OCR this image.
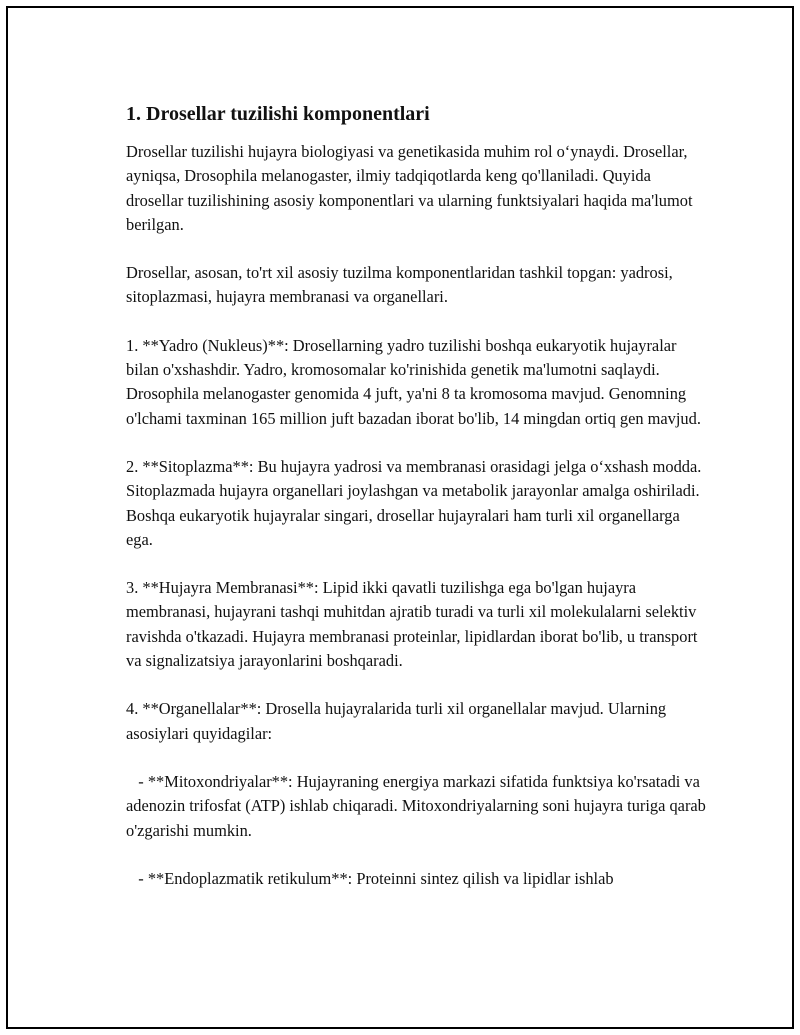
1. Drosellar tuzilishi komponentlari

Drosellar tuzilishi hujayra biologiyasi va genetikasida muhim rol o‘ynaydi. Drosellar, ayniqsa, Drosophila melanogaster, ilmiy tadqiqotlarda keng qo'llaniladi. Quyida drosellar tuzilishining asosiy komponentlari va ularning funktsiyalari haqida ma'lumot berilgan.

Drosellar, asosan, to'rt xil asosiy tuzilma komponentlaridan tashkil topgan: yadrosi, sitoplazmasi, hujayra membranasi va organellari.

1. **Yadro (Nukleus)**: Drosellarning yadro tuzilishi boshqa eukaryotik hujayralar bilan o'xshashdir. Yadro, kromosomalar ko'rinishida genetik ma'lumotni saqlaydi. Drosophila melanogaster genomida 4 juft, ya'ni 8 ta kromosoma mavjud. Genomning o'lchami taxminan 165 million juft bazadan iborat bo'lib, 14 mingdan ortiq gen mavjud.

2. **Sitoplazma**: Bu hujayra yadrosi va membranasi orasidagi jelga o‘xshash modda. Sitoplazmada hujayra organellari joylashgan va metabolik jarayonlar amalga oshiriladi. Boshqa eukaryotik hujayralar singari, drosellar hujayralari ham turli xil organellarga ega.

3. **Hujayra Membranasi**: Lipid ikki qavatli tuzilishga ega bo'lgan hujayra membranasi, hujayrani tashqi muhitdan ajratib turadi va turli xil molekulalarni selektiv ravishda o'tkazadi. Hujayra membranasi proteinlar, lipidlardan iborat bo'lib, u transport va signalizatsiya jarayonlarini boshqaradi.

4. **Organellalar**: Drosella hujayralarida turli xil organellalar mavjud. Ularning asosiylari quyidagilar:

- **Mitoxondriyalar**: Hujayraning energiya markazi sifatida funktsiya ko'rsatadi va adenozin trifosfat (ATP) ishlab chiqaradi. Mitoxondriyalarning soni hujayra turiga qarab o'zgarishi mumkin.

- **Endoplazmatik retikulum**: Proteinni sintez qilish va lipidlar ishlab
